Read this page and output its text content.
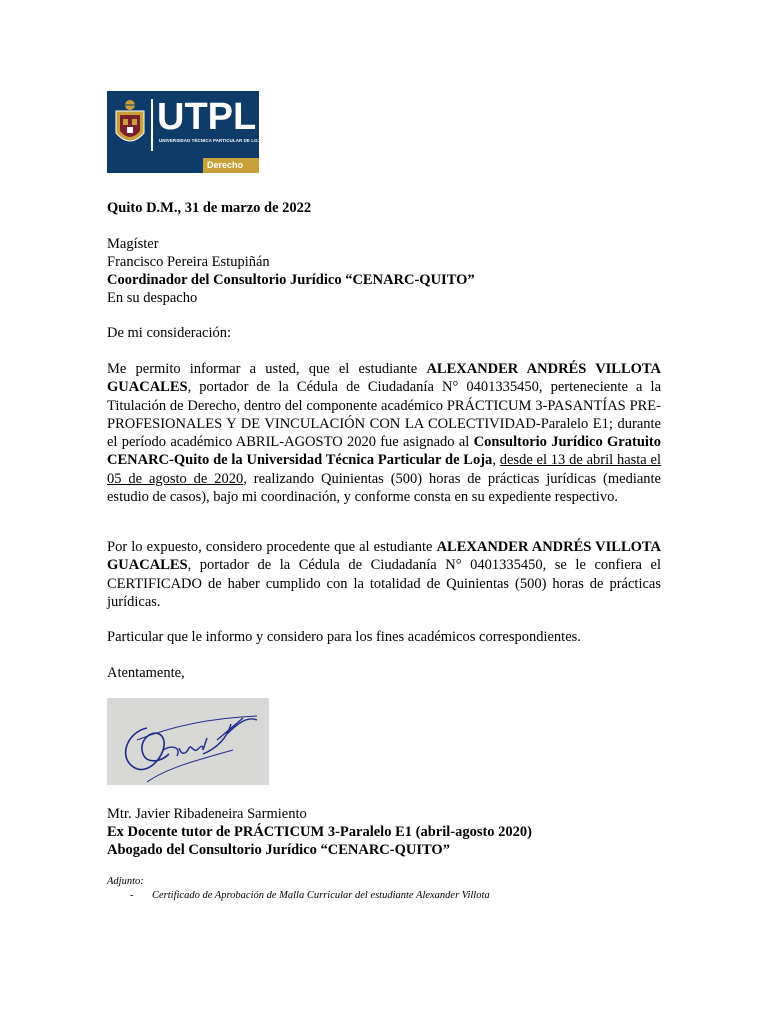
UTPL
UNIVERSIDAD TÉCNICA PARTICULAR DE LOJA
Derecho
Quito D.M., 31 de marzo de 2022
Magíster
Francisco Pereira Estupiñán
Coordinador del Consultorio Jurídico “CENARC-QUITO”
En su despacho
De mi consideración:
Me permito informar a usted, que el estudiante ALEXANDER ANDRÉS VILLOTA GUACALES, portador de la Cédula de Ciudadanía N° 0401335450, perteneciente a la Titulación de Derecho, dentro del componente académico PRÁCTICUM 3-PASANTÍAS PRE-PROFESIONALES Y DE VINCULACIÓN CON LA COLECTIVIDAD-Paralelo E1; durante el período académico ABRIL-AGOSTO 2020 fue asignado al Consultorio Jurídico Gratuito CENARC-Quito de la Universidad Técnica Particular de Loja, desde el 13 de abril hasta el 05 de agosto de 2020, realizando Quinientas (500) horas de prácticas jurídicas (mediante estudio de casos), bajo mi coordinación, y conforme consta en su expediente respectivo.
Por lo expuesto, considero procedente que al estudiante ALEXANDER ANDRÉS VILLOTA GUACALES, portador de la Cédula de Ciudadanía N° 0401335450, se le confiera el CERTIFICADO de haber cumplido con la totalidad de Quinientas (500) horas de prácticas jurídicas.
Particular que le informo y considero para los fines académicos correspondientes.
Atentamente,
Mtr. Javier Ribadeneira Sarmiento
Ex Docente tutor de PRÁCTICUM 3-Paralelo E1 (abril-agosto 2020)
Abogado del Consultorio Jurídico “CENARC-QUITO”
Adjunto:
- Certificado de Aprobación de Malla Curricular del estudiante Alexander Villota
